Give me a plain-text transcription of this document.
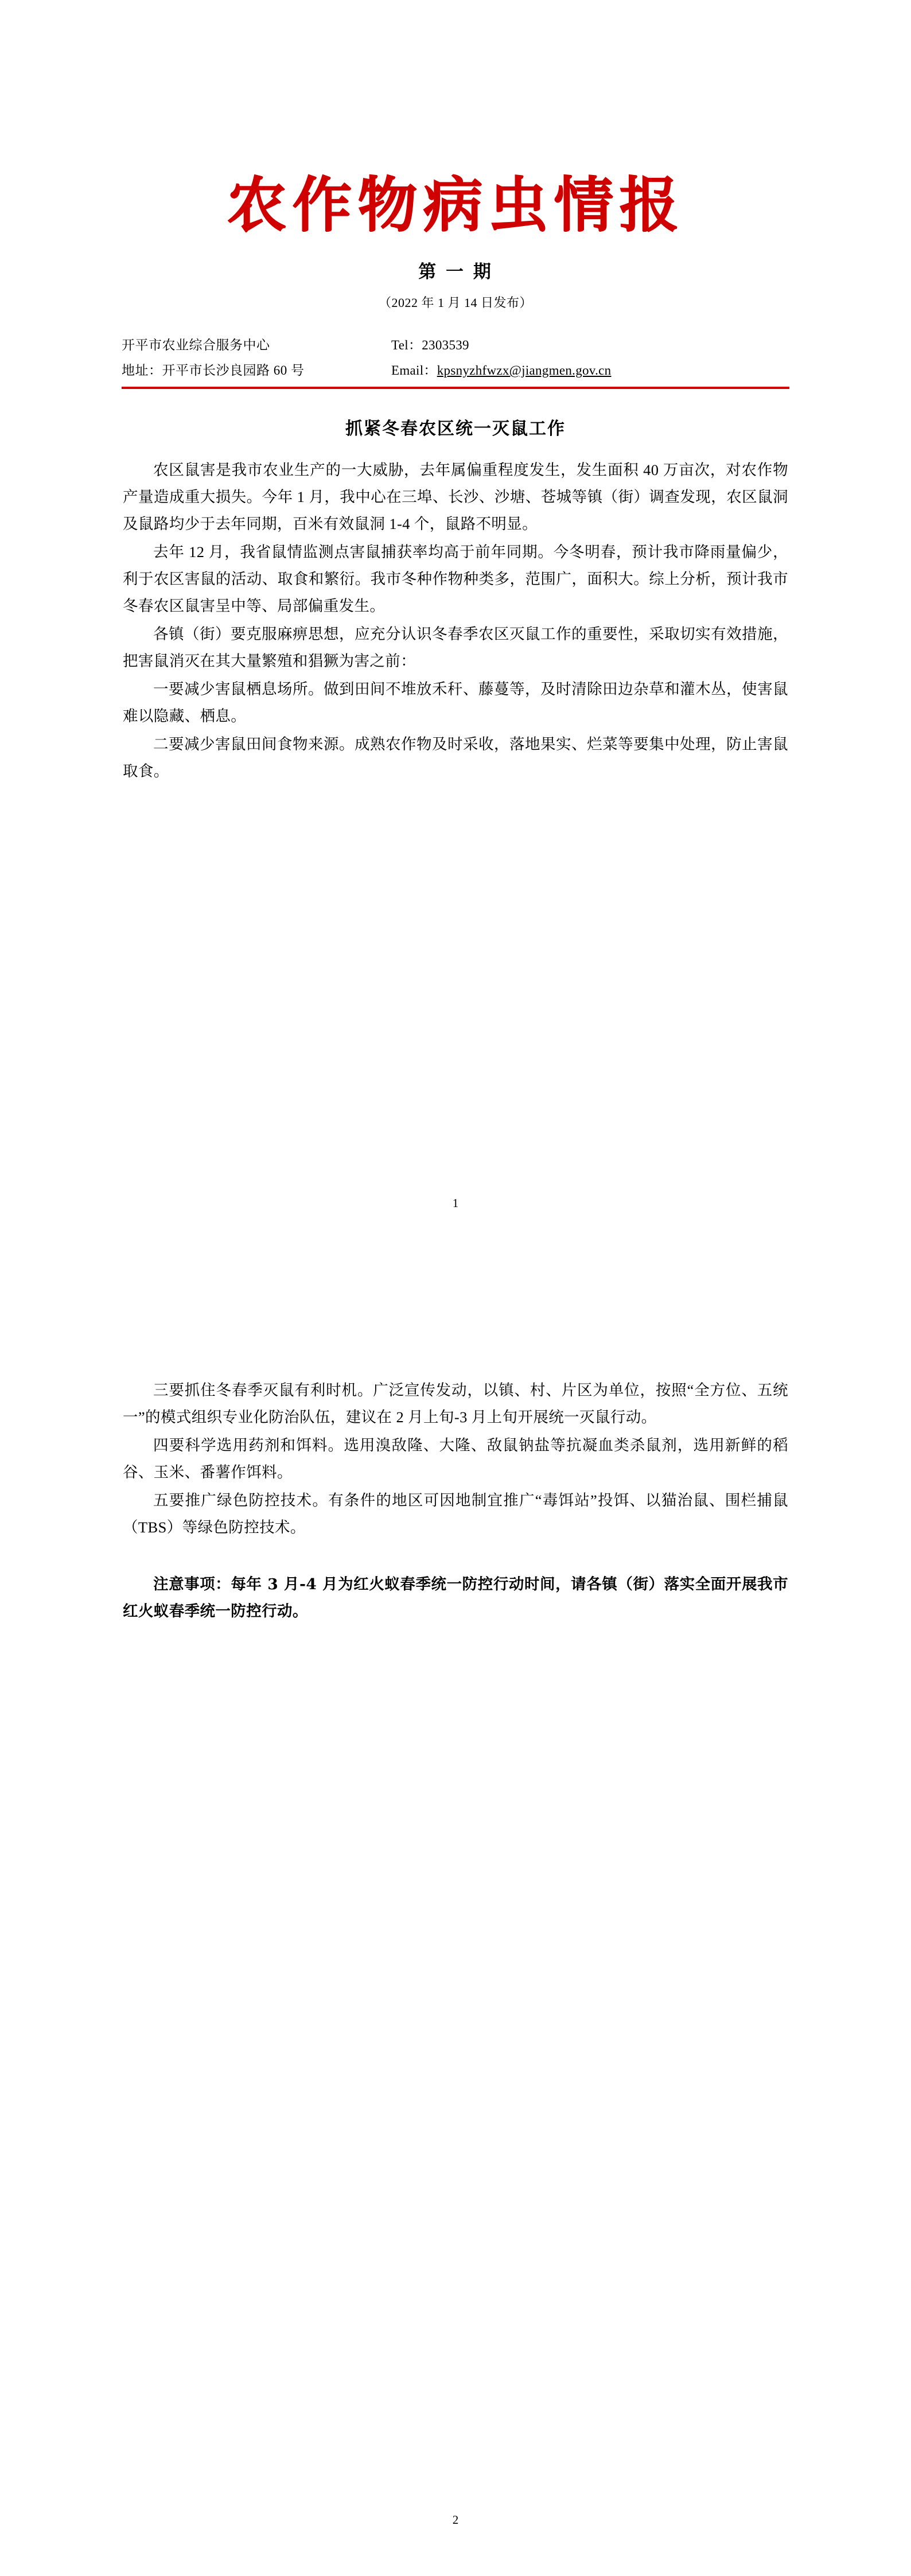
农作物病虫情报
第 一 期
（2022 年 1 月 14 日发布）
开平市农业综合服务中心	Tel：2303539
地址：开平市长沙良园路 60 号	Email：kpsnyzhfwzx@jiangmen.gov.cn
抓紧冬春农区统一灭鼠工作

农区鼠害是我市农业生产的一大威胁，去年属偏重程度发生，发生面积 40 万亩次，对农作物产量造成重大损失。今年 1 月，我中心在三埠、长沙、沙塘、苍城等镇（街）调查发现，农区鼠洞及鼠路均少于去年同期，百米有效鼠洞 1-4 个，鼠路不明显。

去年 12 月，我省鼠情监测点害鼠捕获率均高于前年同期。今冬明春，预计我市降雨量偏少，利于农区害鼠的活动、取食和繁衍。我市冬种作物种类多，范围广，面积大。综上分析，预计我市冬春农区鼠害呈中等、局部偏重发生。

各镇（街）要克服麻痹思想，应充分认识冬春季农区灭鼠工作的重要性，采取切实有效措施，把害鼠消灭在其大量繁殖和猖獗为害之前：

一要减少害鼠栖息场所。做到田间不堆放禾秆、藤蔓等，及时清除田边杂草和灌木丛，使害鼠难以隐藏、栖息。

二要减少害鼠田间食物来源。成熟农作物及时采收，落地果实、烂菜等要集中处理，防止害鼠取食。

1

三要抓住冬春季灭鼠有利时机。广泛宣传发动，以镇、村、片区为单位，按照“全方位、五统一”的模式组织专业化防治队伍，建议在 2 月上旬-3 月上旬开展统一灭鼠行动。

四要科学选用药剂和饵料。选用溴敌隆、大隆、敌鼠钠盐等抗凝血类杀鼠剂，选用新鲜的稻谷、玉米、番薯作饵料。

五要推广绿色防控技术。有条件的地区可因地制宜推广“毒饵站”投饵、以猫治鼠、围栏捕鼠（TBS）等绿色防控技术。

注意事项：每年 3 月-4 月为红火蚁春季统一防控行动时间，请各镇（街）落实全面开展我市红火蚁春季统一防控行动。
2
